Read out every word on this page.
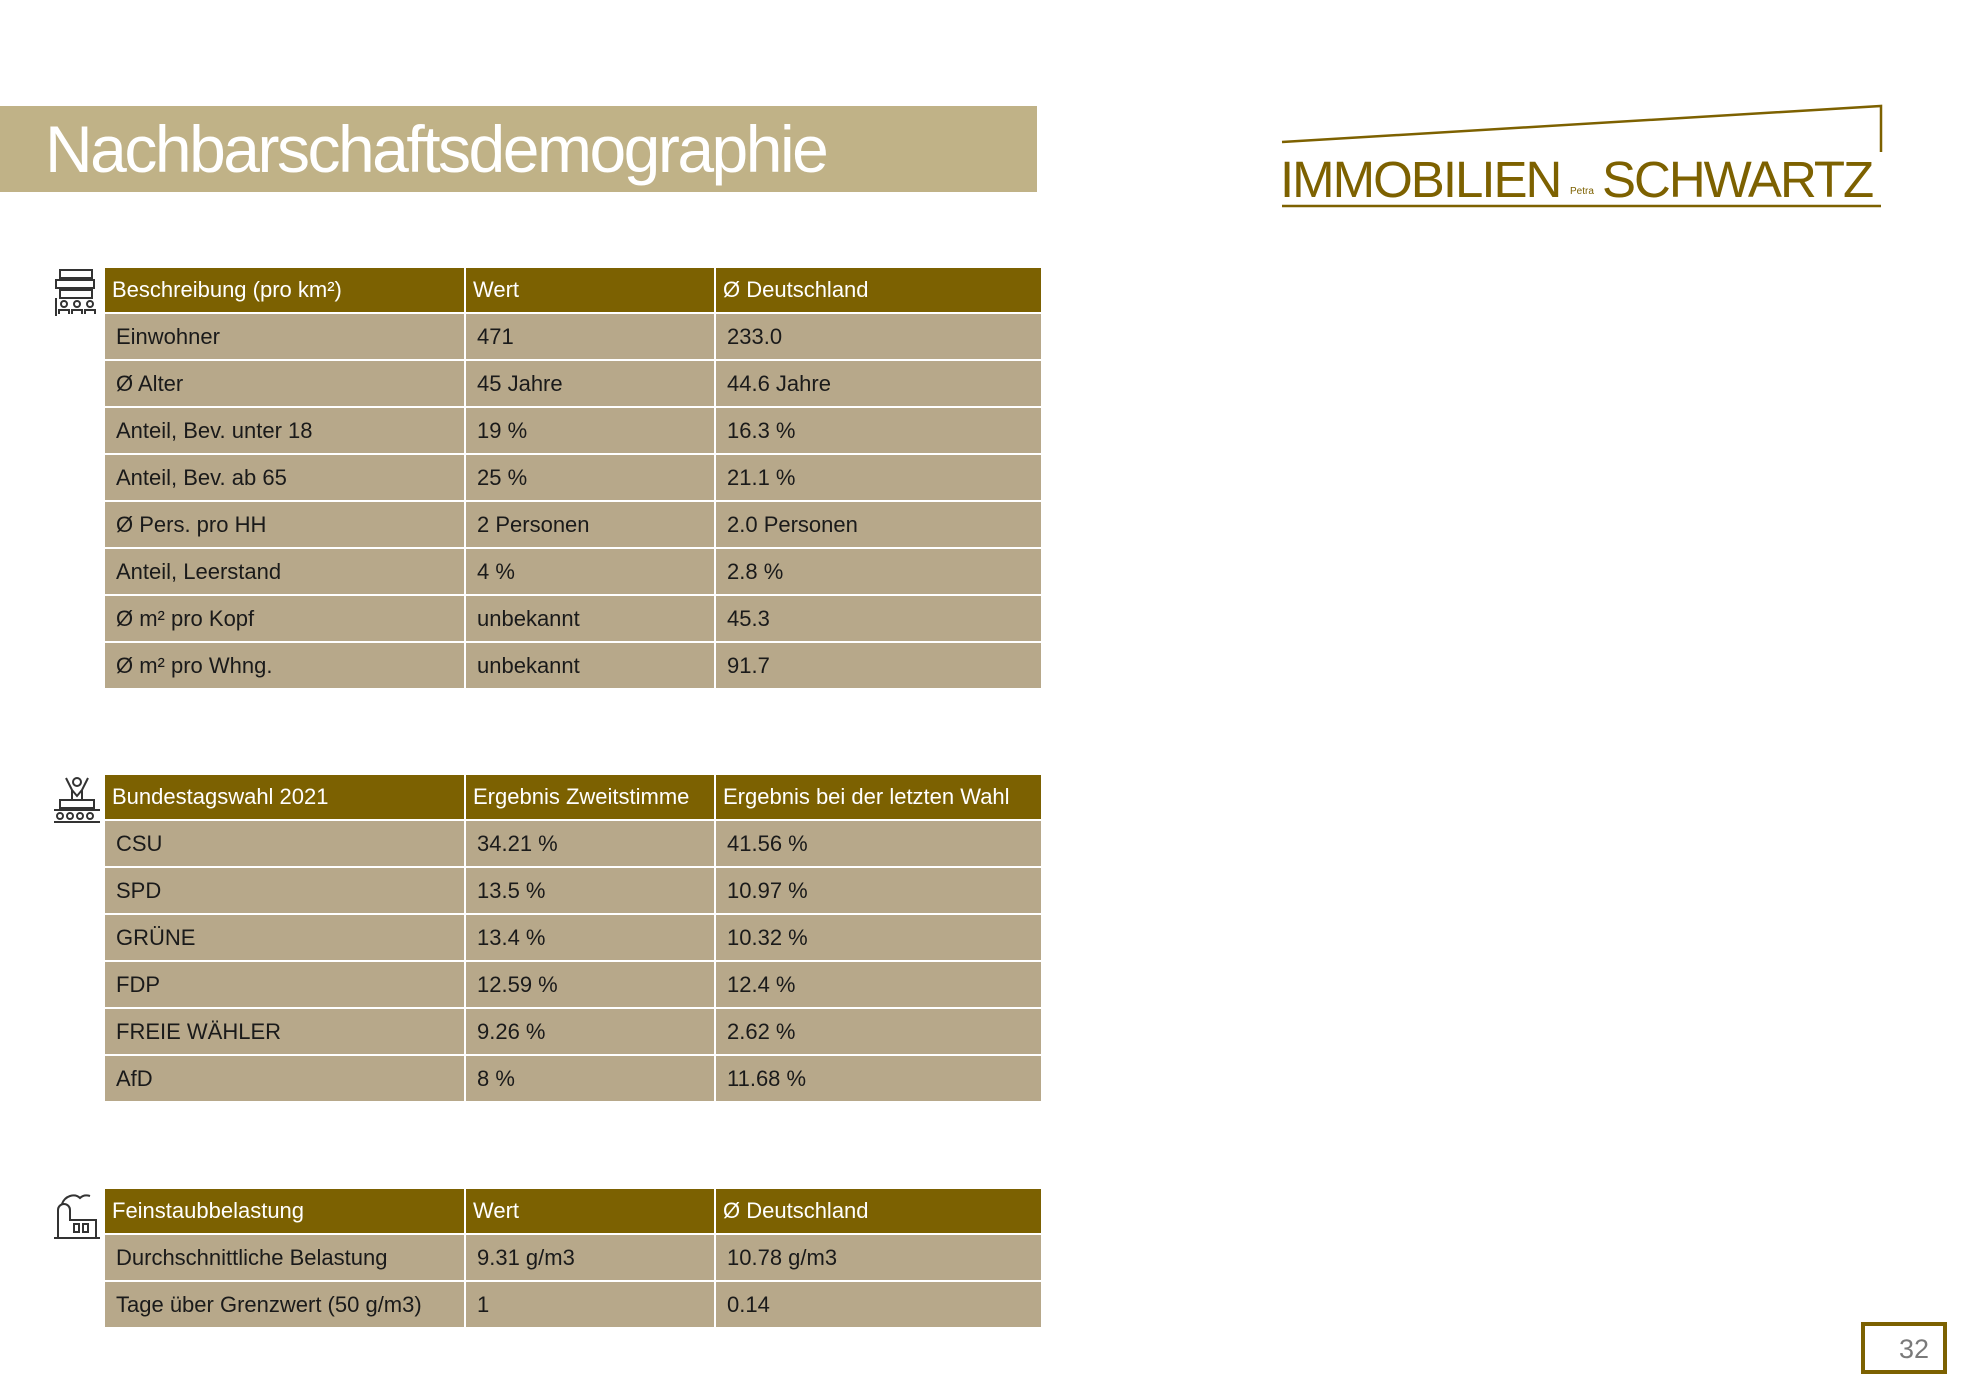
Nachbarschaftsdemographie	IMMOBILIEN Petra SCHWARTZ
Beschreibung (pro km²)	Wert	Ø Deutschland
Einwohner	471	233.0
Ø Alter	45 Jahre	44.6 Jahre
Anteil, Bev. unter 18	19 %	16.3 %
Anteil, Bev. ab 65	25 %	21.1 %
Ø Pers. pro HH	2 Personen	2.0 Personen
Anteil, Leerstand	4 %	2.8 %
Ø m² pro Kopf	unbekannt	45.3
Ø m² pro Whng.	unbekannt	91.7
Bundestagswahl 2021	Ergebnis Zweitstimme	Ergebnis bei der letzten Wahl
CSU	34.21 %	41.56 %
SPD	13.5 %	10.97 %
GRÜNE	13.4 %	10.32 %
FDP	12.59 %	12.4 %
FREIE WÄHLER	9.26 %	2.62 %
AfD	8 %	11.68 %
Feinstaubbelastung	Wert	Ø Deutschland
Durchschnittliche Belastung	9.31 g/m3	10.78 g/m3
Tage über Grenzwert (50 g/m3)	1	0.14
32
